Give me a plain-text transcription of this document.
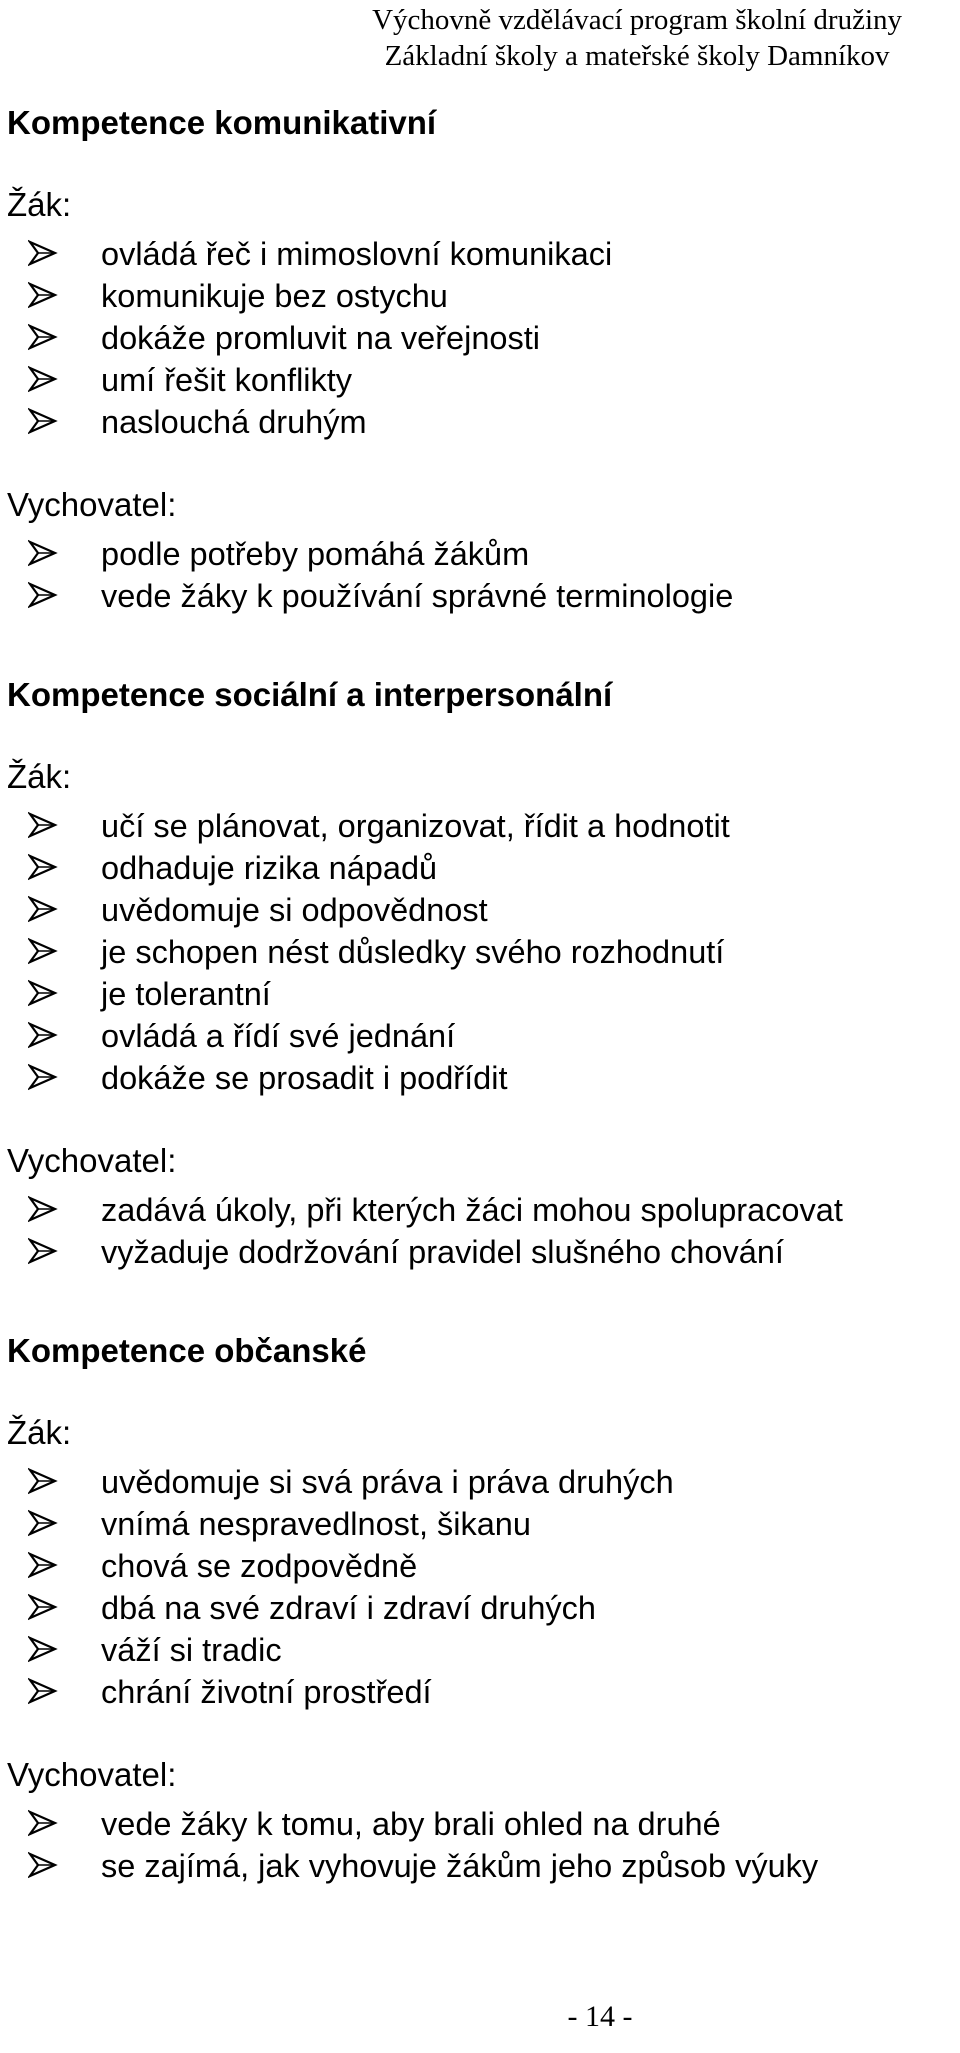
Výchovně vzdělávací program školní družiny
Základní školy a mateřské školy Damníkov
Kompetence komunikativní
Žák:
ovládá řeč i mimoslovní komunikaci
komunikuje bez ostychu
dokáže promluvit na veřejnosti
umí řešit konflikty
naslouchá druhým
Vychovatel:
podle potřeby pomáhá žákům
vede žáky k používání správné terminologie
Kompetence sociální a interpersonální
Žák:
učí se plánovat, organizovat, řídit a hodnotit
odhaduje rizika nápadů
uvědomuje si odpovědnost
je schopen nést důsledky svého rozhodnutí
je tolerantní
ovládá a řídí své jednání
dokáže se prosadit i podřídit
Vychovatel:
zadává úkoly, při kterých žáci mohou spolupracovat
vyžaduje dodržování pravidel slušného chování
Kompetence občanské
Žák:
uvědomuje si svá práva i práva druhých
vnímá nespravedlnost, šikanu
chová se zodpovědně
dbá na své zdraví i zdraví druhých
váží si tradic
chrání životní prostředí
Vychovatel:
vede žáky k tomu, aby brali ohled na druhé
se zajímá, jak vyhovuje žákům jeho způsob výuky
- 14 -
